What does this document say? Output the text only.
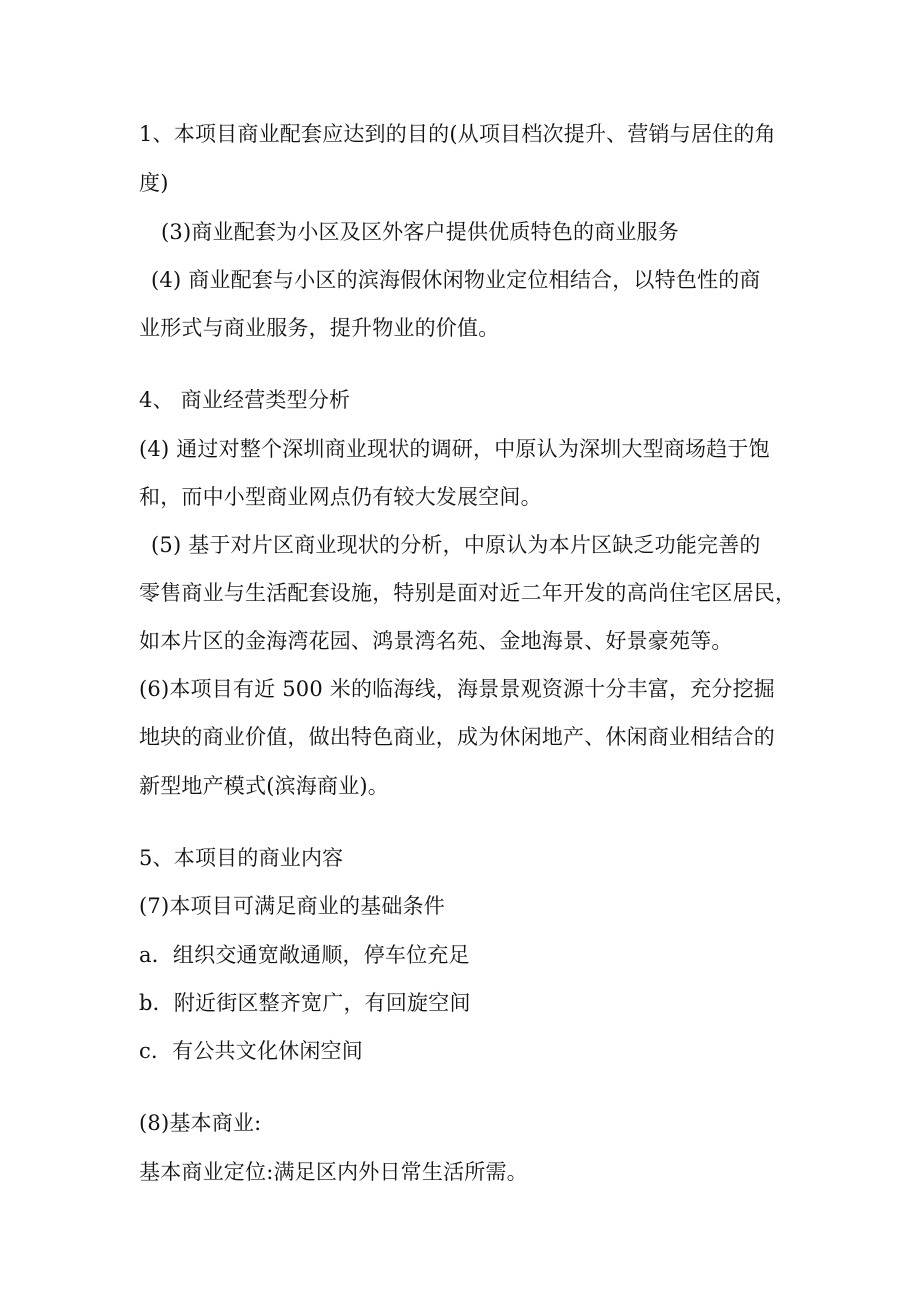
1、本项目商业配套应达到的目的(从项目档次提升、营销与居住的角
度)
(3)商业配套为小区及区外客户提供优质特色的商业服务
(4) 商业配套与小区的滨海假休闲物业定位相结合，以特色性的商
业形式与商业服务，提升物业的价值。
4、 商业经营类型分析
(4) 通过对整个深圳商业现状的调研，中原认为深圳大型商场趋于饱
和，而中小型商业网点仍有较大发展空间。
(5) 基于对片区商业现状的分析，中原认为本片区缺乏功能完善的
零售商业与生活配套设施，特别是面对近二年开发的高尚住宅区居民，
如本片区的金海湾花园、鸿景湾名苑、金地海景、好景豪苑等。
(6)本项目有近 500 米的临海线，海景景观资源十分丰富，充分挖掘
地块的商业价值，做出特色商业，成为休闲地产、休闲商业相结合的
新型地产模式(滨海商业)。
5、本项目的商业内容
(7)本项目可满足商业的基础条件
a．组织交通宽敞通顺，停车位充足
b．附近街区整齐宽广，有回旋空间
c．有公共文化休闲空间
(8)基本商业:
基本商业定位:满足区内外日常生活所需。
